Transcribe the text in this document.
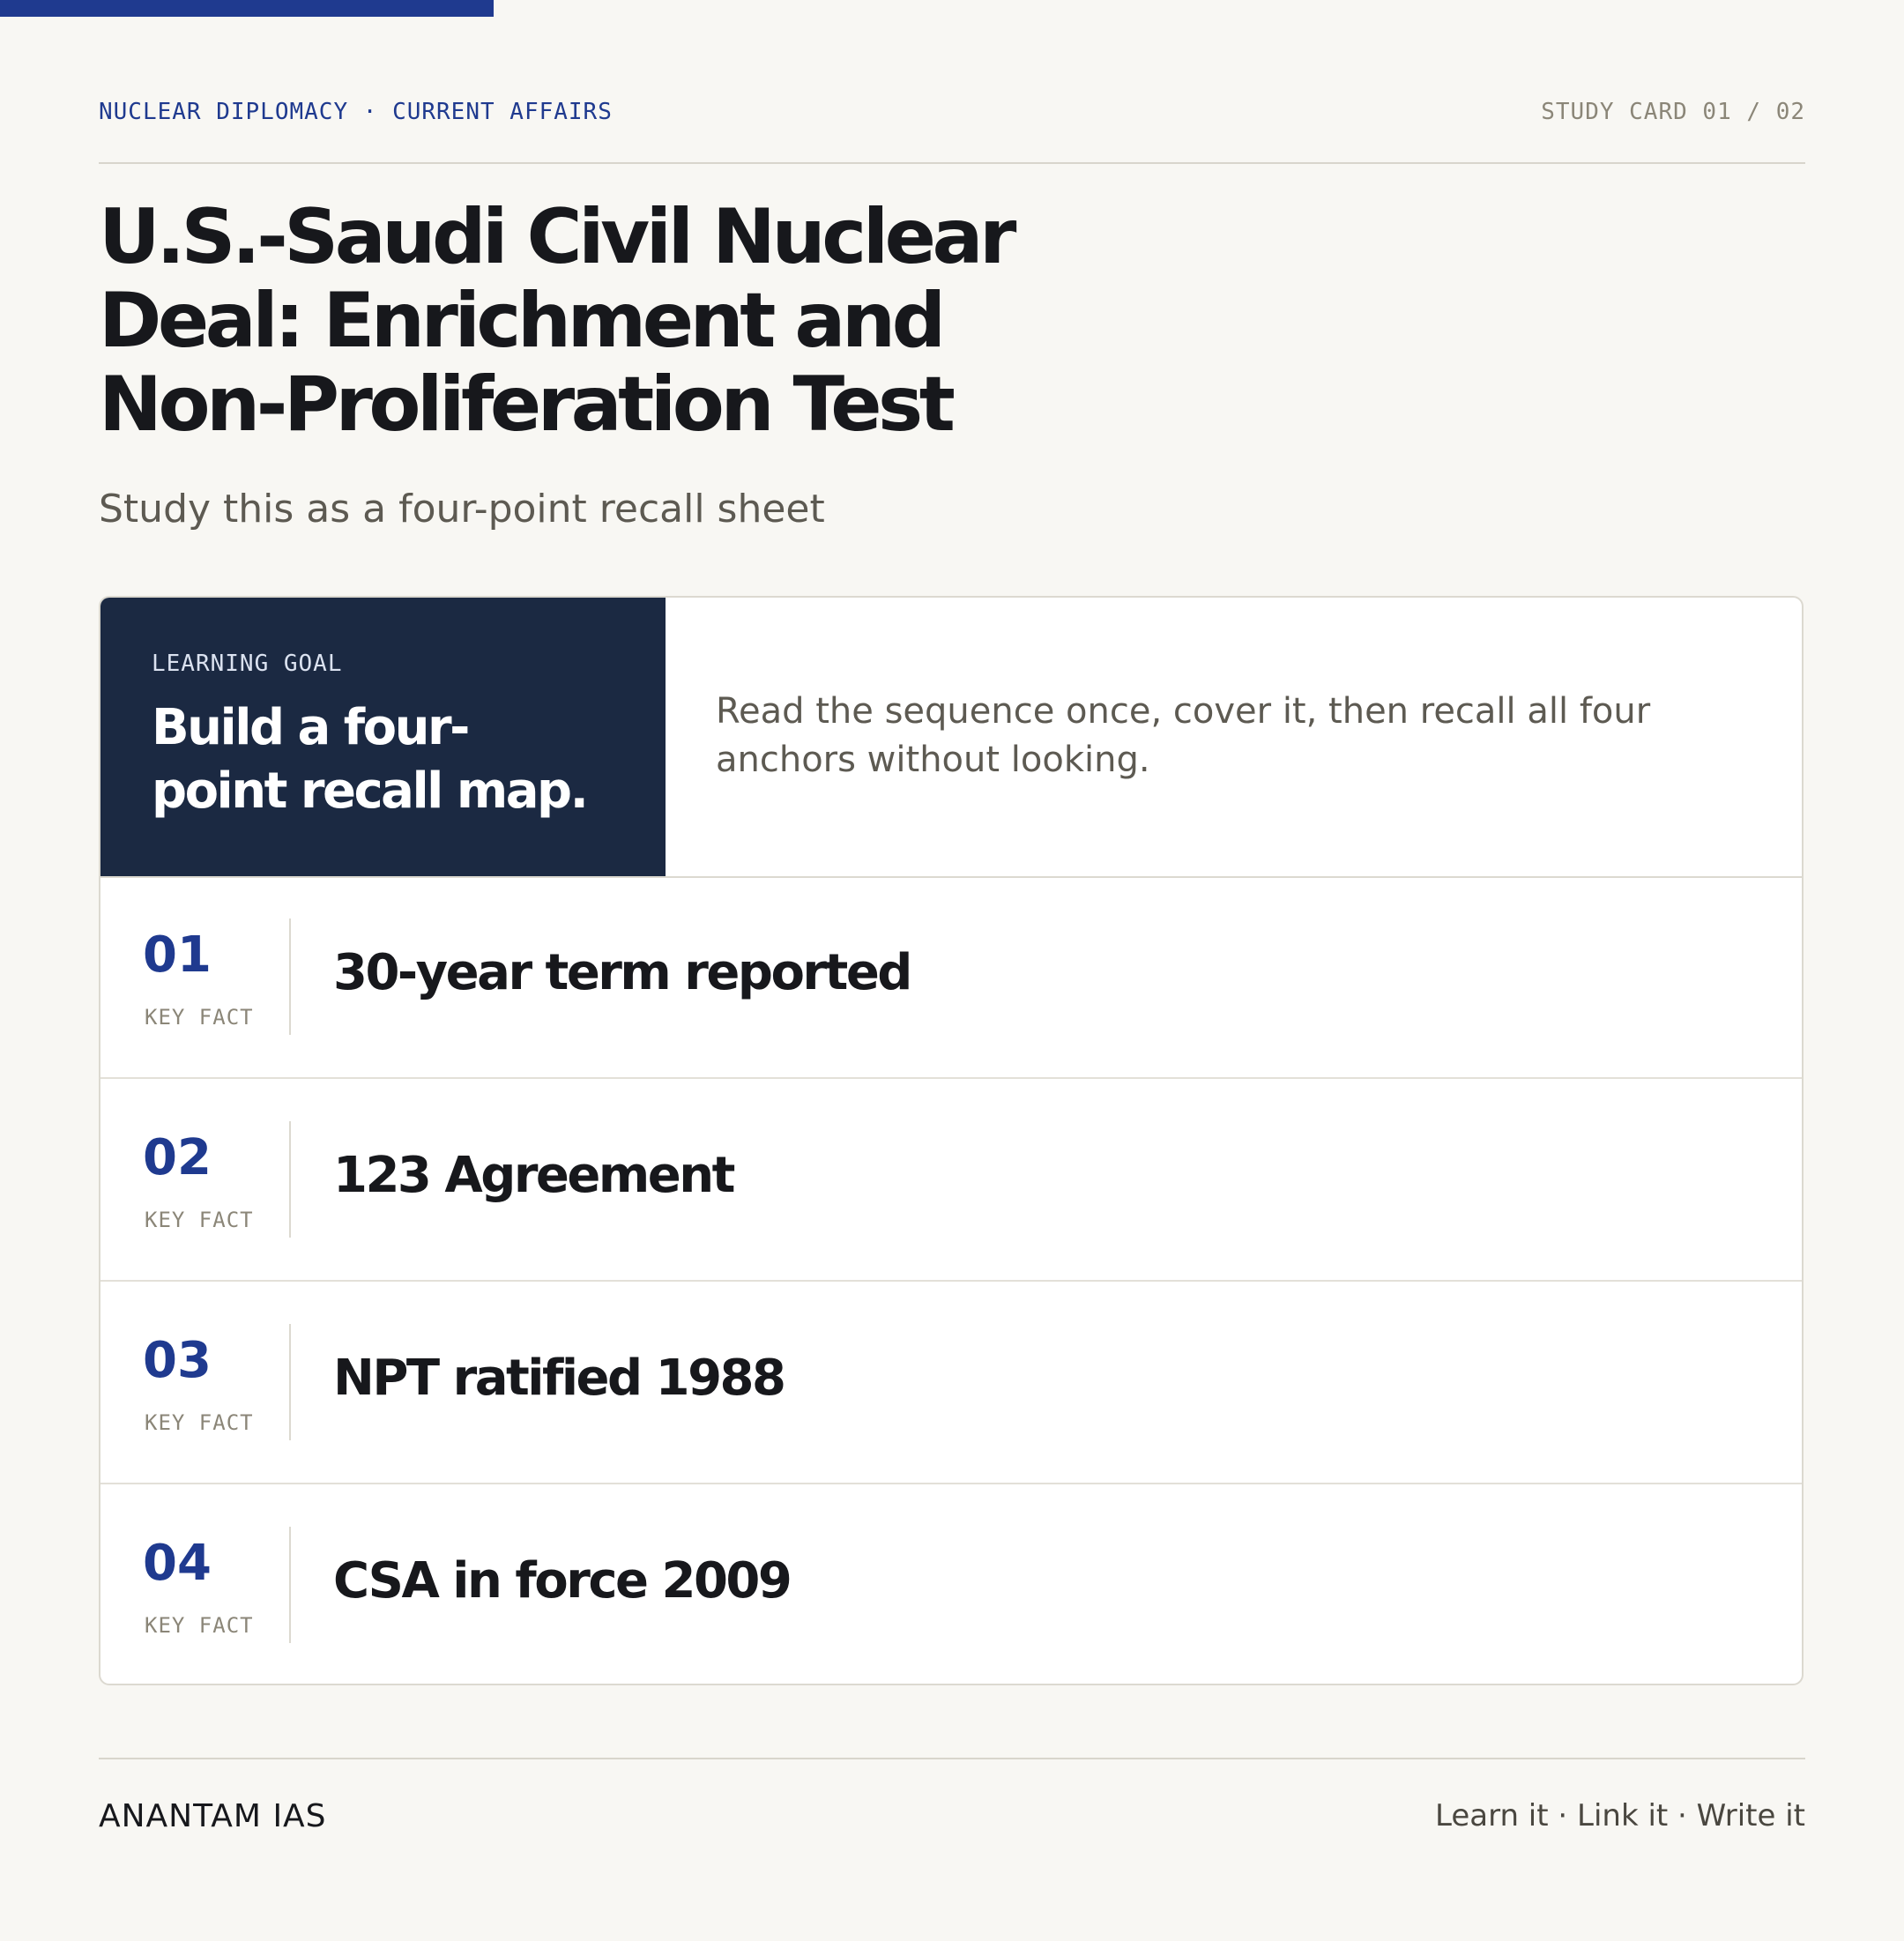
NUCLEAR DIPLOMACY · CURRENT AFFAIRS	STUDY CARD 01 / 02
U.S.-Saudi Civil Nuclear
Deal: Enrichment and
Non-Proliferation Test
Study this as a four-point recall sheet
LEARNING GOAL
Build a four-
point recall map.
Read the sequence once, cover it, then recall all four anchors without looking.
01
KEY FACT
30-year term reported
02
KEY FACT
123 Agreement
03
KEY FACT
NPT ratified 1988
04
KEY FACT
CSA in force 2009
ANANTAM IAS	Learn it · Link it · Write it
